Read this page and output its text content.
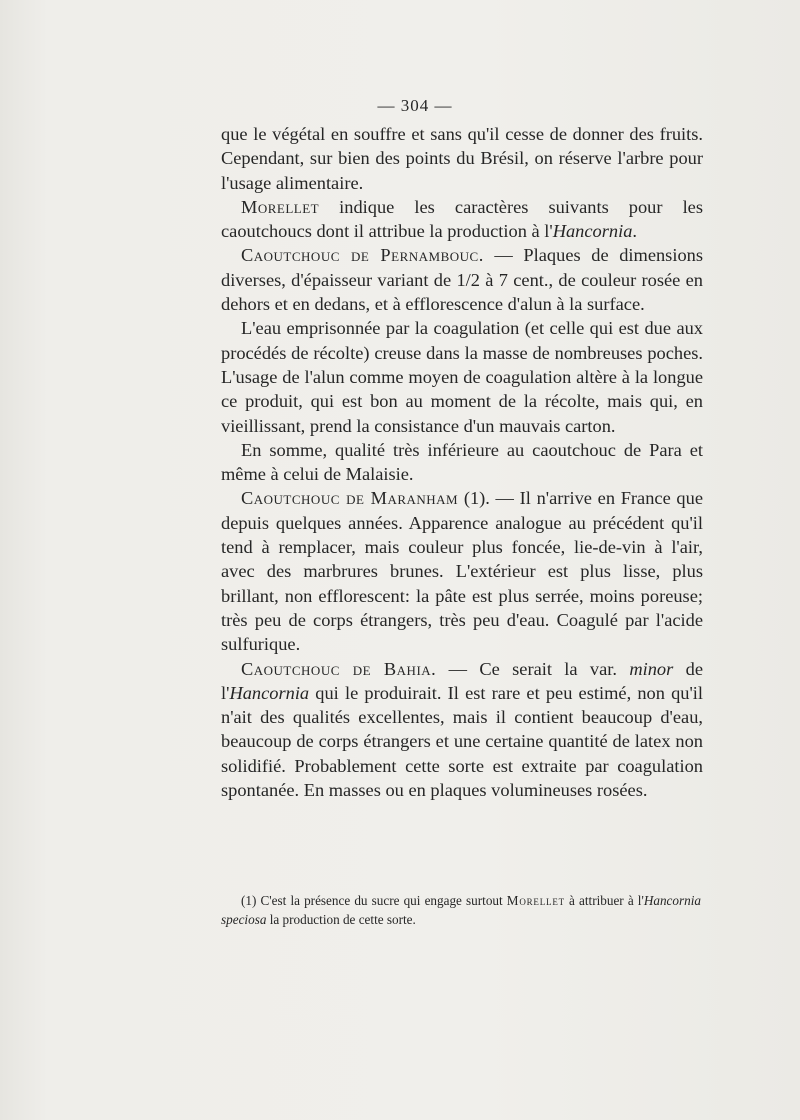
— 304 —

que le végétal en souffre et sans qu'il cesse de donner des fruits. Cependant, sur bien des points du Brésil, on réserve l'arbre pour l'usage alimentaire.

Morellet indique les caractères suivants pour les caoutchoucs dont il attribue la production à l'Hancornia.

Caoutchouc de Pernambouc. — Plaques de dimensions diverses, d'épaisseur variant de 1/2 à 7 cent., de couleur rosée en dehors et en dedans, et à efflorescence d'alun à la surface.

L'eau emprisonnée par la coagulation (et celle qui est due aux procédés de récolte) creuse dans la masse de nombreuses poches. L'usage de l'alun comme moyen de coagulation altère à la longue ce produit, qui est bon au moment de la récolte, mais qui, en vieillissant, prend la consistance d'un mauvais carton.

En somme, qualité très inférieure au caoutchouc de Para et même à celui de Malaisie.

Caoutchouc de Maranham (1). — Il n'arrive en France que depuis quelques années. Apparence analogue au précédent qu'il tend à remplacer, mais couleur plus foncée, lie-de-vin à l'air, avec des marbrures brunes. L'extérieur est plus lisse, plus brillant, non efflorescent: la pâte est plus serrée, moins poreuse; très peu de corps étrangers, très peu d'eau. Coagulé par l'acide sulfurique.

Caoutchouc de Bahia. — Ce serait la var. minor de l'Hancornia qui le produirait. Il est rare et peu estimé, non qu'il n'ait des qualités excellentes, mais il contient beaucoup d'eau, beaucoup de corps étrangers et une certaine quantité de latex non solidifié. Probablement cette sorte est extraite par coagulation spontanée. En masses ou en plaques volumineuses rosées.

(1) C'est la présence du sucre qui engage surtout Morellet à attribuer à l'Hancornia speciosa la production de cette sorte.
